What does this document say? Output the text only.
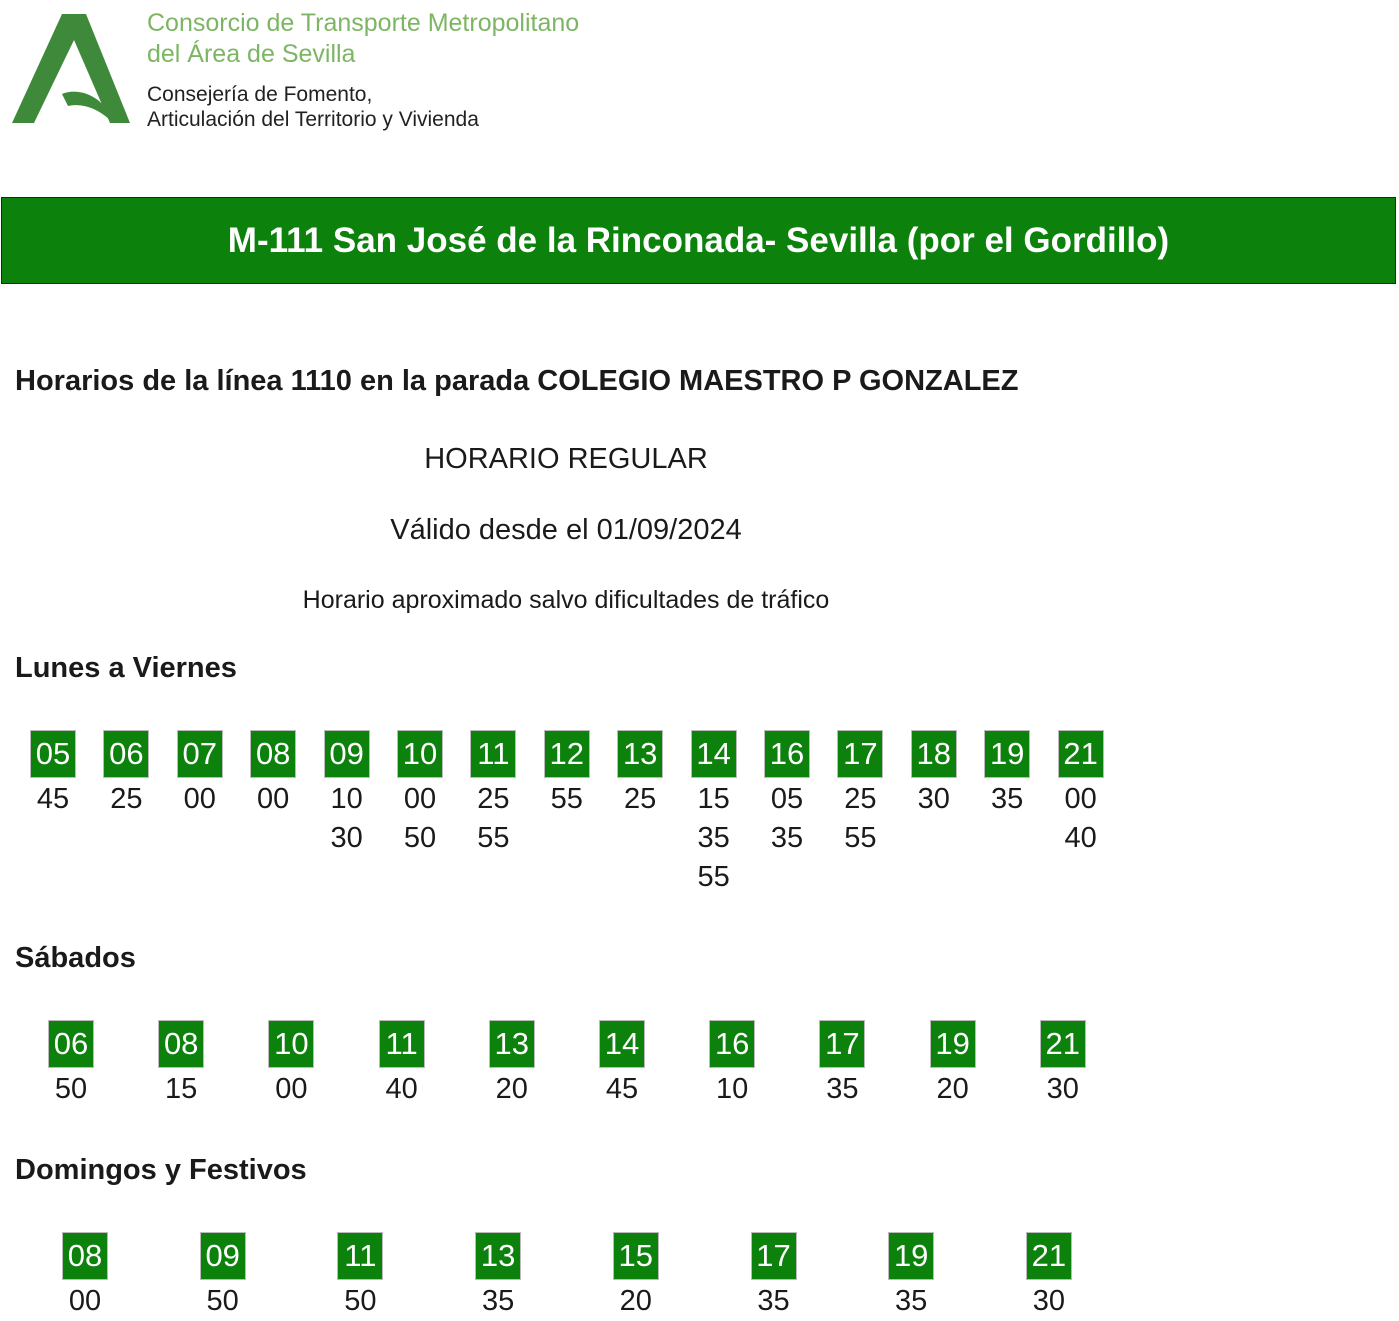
Consorcio de Transporte Metropolitano
del Área de Sevilla
Consejería de Fomento,
Articulación del Territorio y Vivienda
M-111 San José de la Rinconada- Sevilla (por el Gordillo)
Horarios de la línea 1110 en la parada COLEGIO MAESTRO P GONZALEZ
HORARIO REGULAR
Válido desde el 01/09/2024
Horario aproximado salvo dificultades de tráfico
Lunes a Viernes
05
45
06
25
07
00
08
00
09
10
30
10
00
50
11
25
55
12
55
13
25
14
15
35
55
16
05
35
17
25
55
18
30
19
35
21
00
40
Sábados
06
50
08
15
10
00
11
40
13
20
14
45
16
10
17
35
19
20
21
30
Domingos y Festivos
08
00
09
50
11
50
13
35
15
20
17
35
19
35
21
30
